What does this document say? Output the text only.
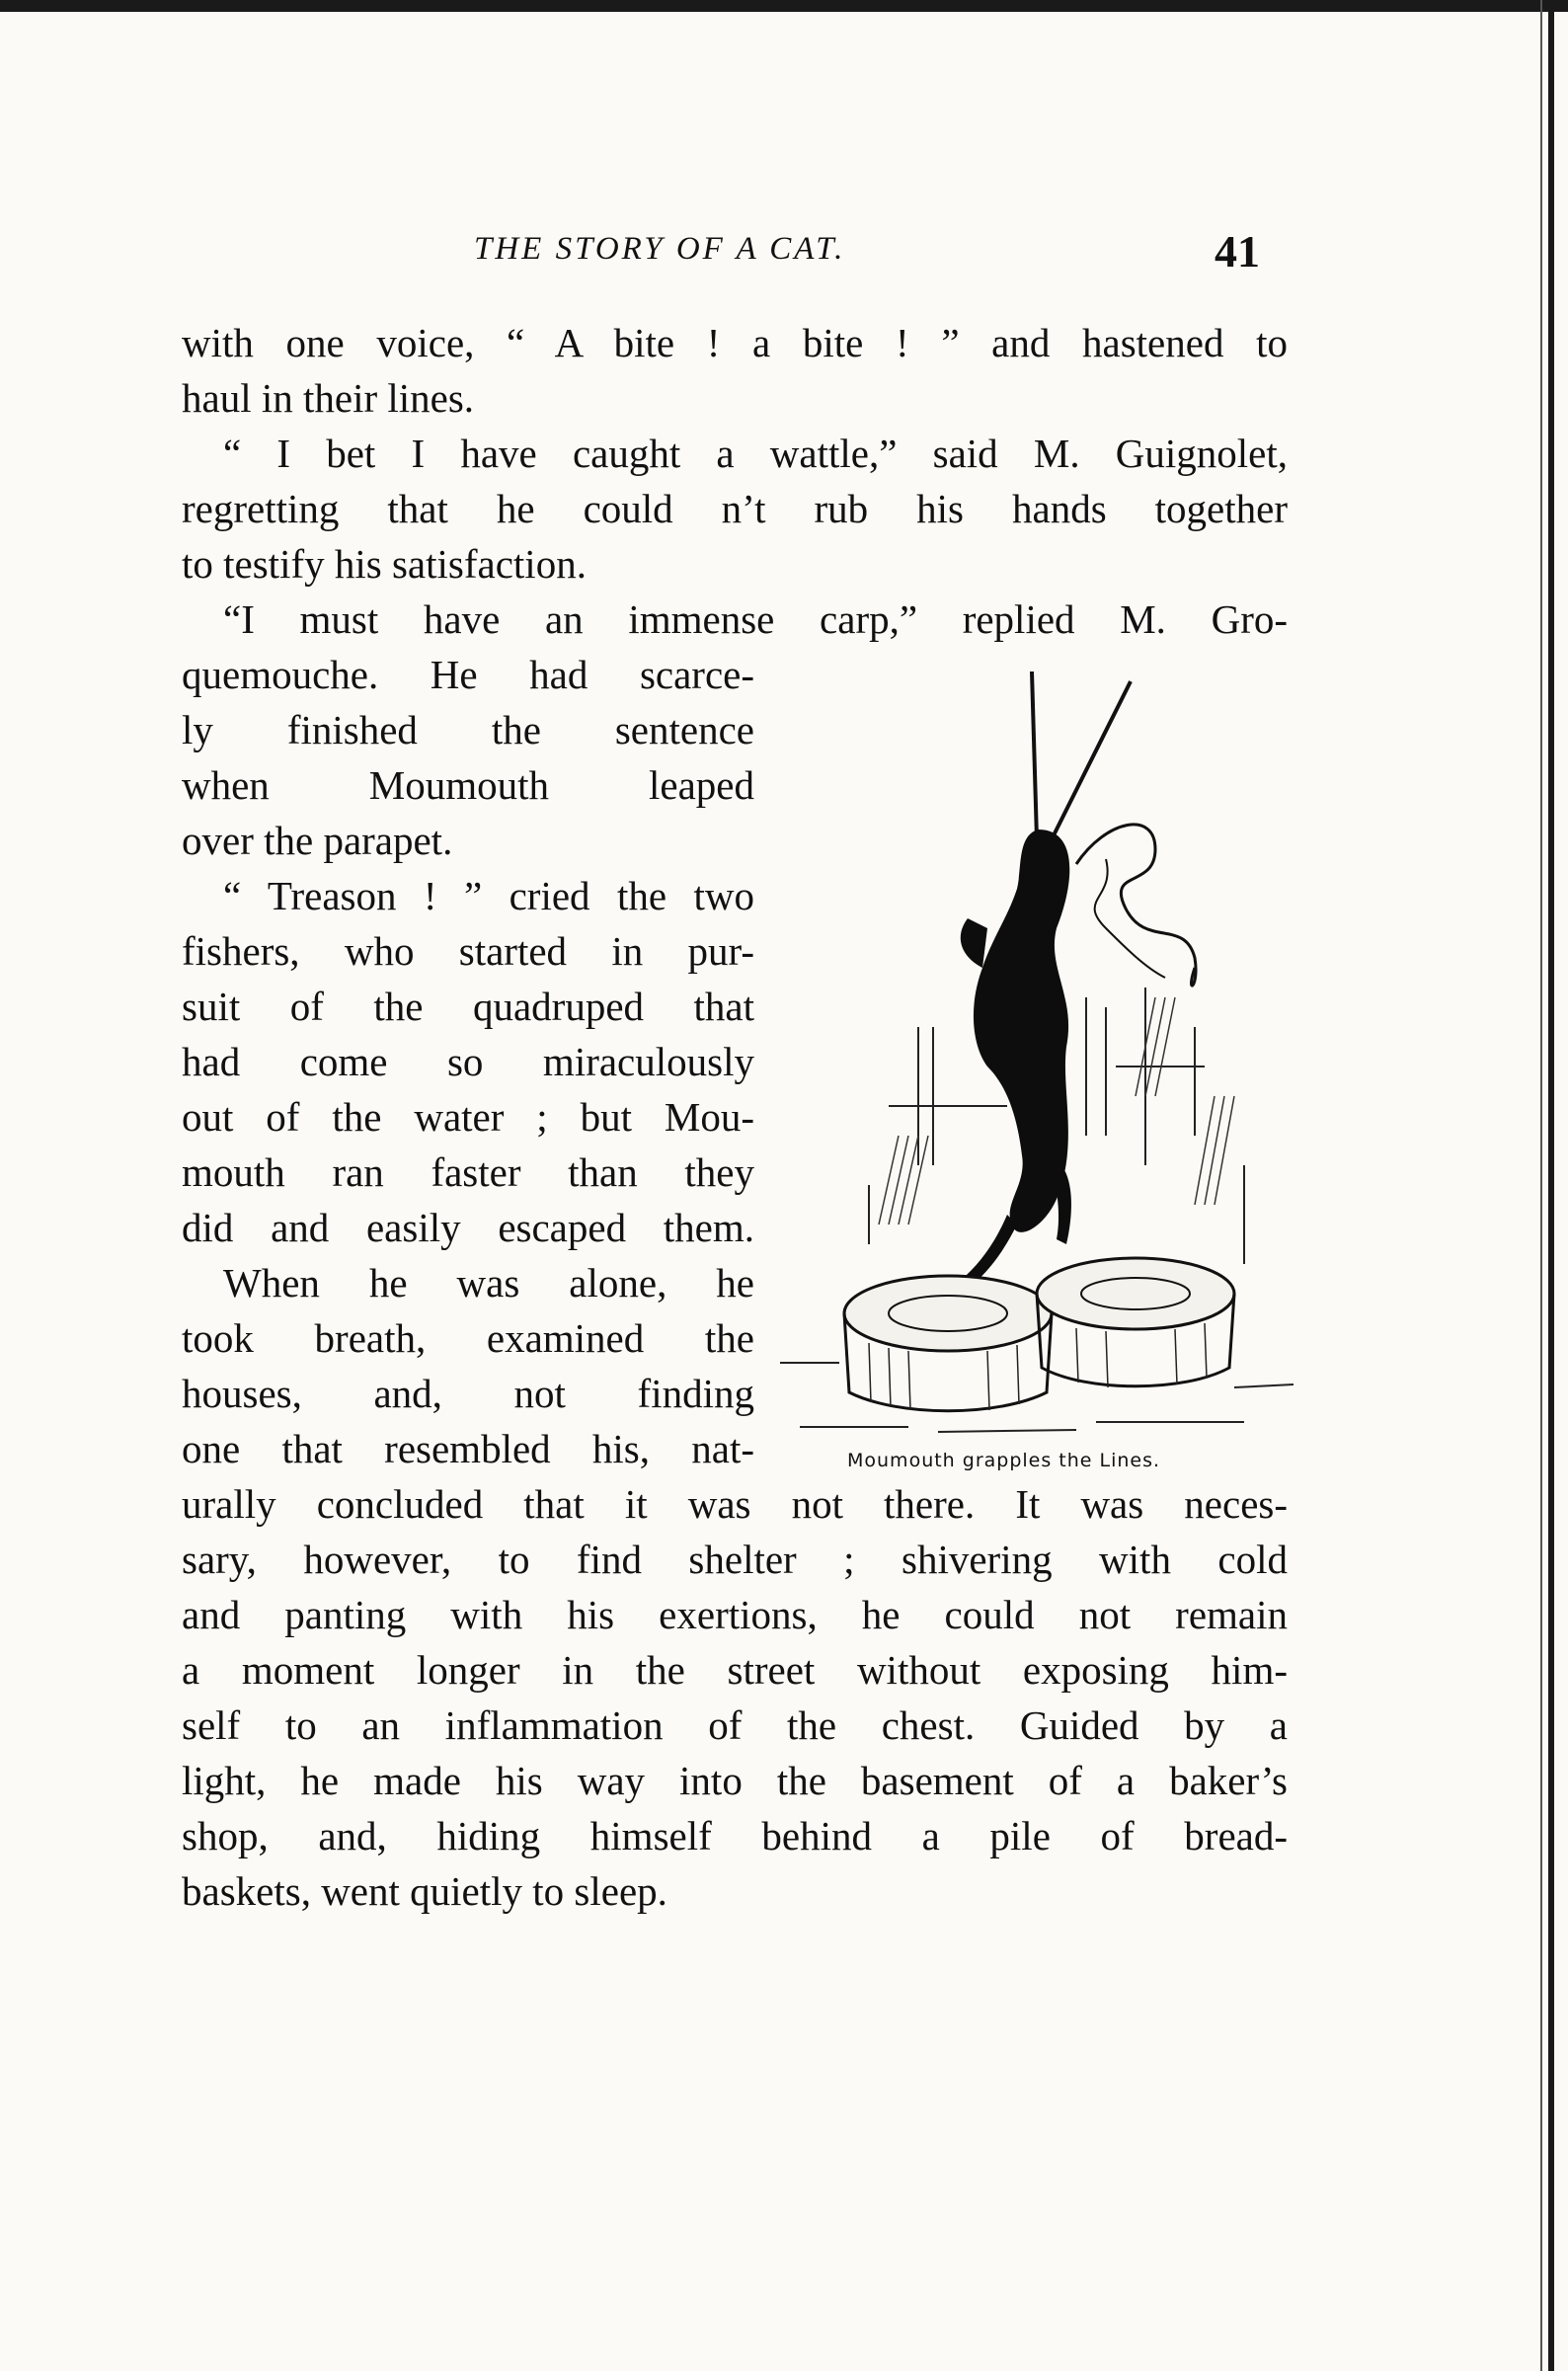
THE STORY OF A CAT.	41
with one voice, “ A bite ! a bite ! ” and hastened to
haul in their lines.
“ I bet I have caught a wattle,” said M. Guignolet,
regretting that he could n’t rub his hands together
to testify his satisfaction.
“I must have an immense carp,” replied M. Gro-
quemouche. He had scarce-
ly finished the sentence
when Moumouth leaped
over the parapet.
“ Treason ! ” cried the two
fishers, who started in pur-
suit of the quadruped that
had come so miraculously
out of the water ; but Mou-
mouth ran faster than they
did and easily escaped them.
When he was alone, he
took breath, examined the
houses, and, not finding
one that resembled his, nat-
urally concluded that it was not there. It was neces-
sary, however, to find shelter ; shivering with cold
and panting with his exertions, he could not remain
a moment longer in the street without exposing him-
self to an inflammation of the chest. Guided by a
light, he made his way into the basement of a baker’s
shop, and, hiding himself behind a pile of bread-
baskets, went quietly to sleep.
Moumouth grapples the Lines.
